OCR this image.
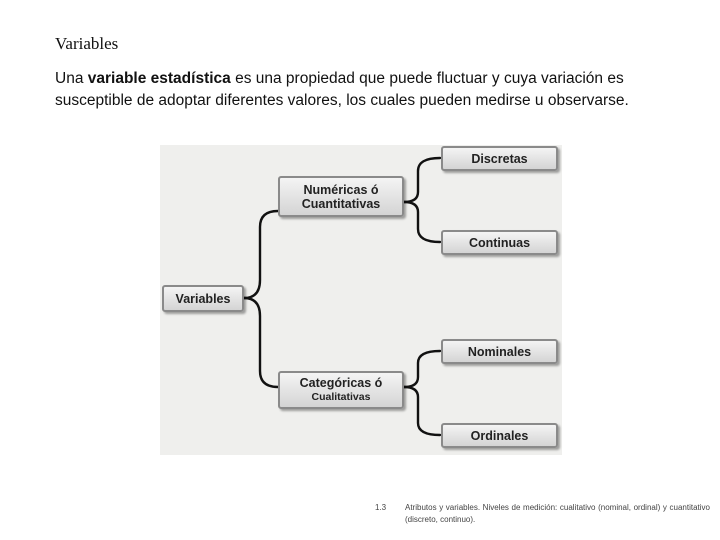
Variables
Una variable estadística es una propiedad que puede fluctuar y cuya variación es susceptible de adoptar diferentes valores, los cuales pueden medirse u observarse.
Variables
Numéricas ó
Cuantitativas
Categóricas ó
Cualitativas
Discretas
Continuas
Nominales
Ordinales
1.3 Atributos y variables. Niveles de medición: cualitativo (nominal, ordinal) y cuantitativo (discreto, continuo).
